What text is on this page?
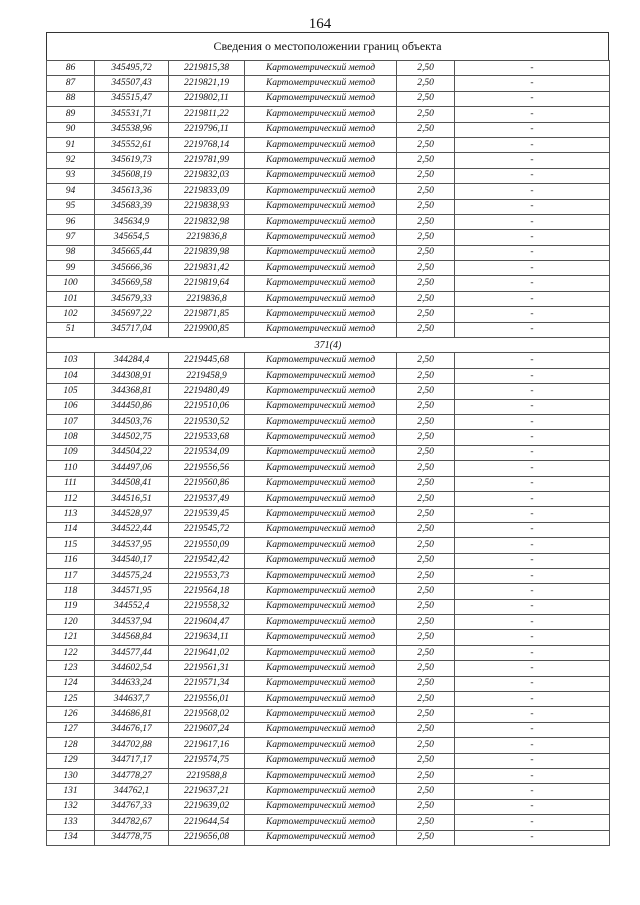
164
Сведения о местоположении границ объекта
86	345495,72	2219815,38	Картометрический метод	2,50	-
87	345507,43	2219821,19	Картометрический метод	2,50	-
88	345515,47	2219802,11	Картометрический метод	2,50	-
89	345531,71	2219811,22	Картометрический метод	2,50	-
90	345538,96	2219796,11	Картометрический метод	2,50	-
91	345552,61	2219768,14	Картометрический метод	2,50	-
92	345619,73	2219781,99	Картометрический метод	2,50	-
93	345608,19	2219832,03	Картометрический метод	2,50	-
94	345613,36	2219833,09	Картометрический метод	2,50	-
95	345683,39	2219838,93	Картометрический метод	2,50	-
96	345634,9	2219832,98	Картометрический метод	2,50	-
97	345654,5	2219836,8	Картометрический метод	2,50	-
98	345665,44	2219839,98	Картометрический метод	2,50	-
99	345666,36	2219831,42	Картометрический метод	2,50	-
100	345669,58	2219819,64	Картометрический метод	2,50	-
101	345679,33	2219836,8	Картометрический метод	2,50	-
102	345697,22	2219871,85	Картометрический метод	2,50	-
51	345717,04	2219900,85	Картометрический метод	2,50	-
371(4)					
103	344284,4	2219445,68	Картометрический метод	2,50	-
104	344308,91	2219458,9	Картометрический метод	2,50	-
105	344368,81	2219480,49	Картометрический метод	2,50	-
106	344450,86	2219510,06	Картометрический метод	2,50	-
107	344503,76	2219530,52	Картометрический метод	2,50	-
108	344502,75	2219533,68	Картометрический метод	2,50	-
109	344504,22	2219534,09	Картометрический метод	2,50	-
110	344497,06	2219556,56	Картометрический метод	2,50	-
111	344508,41	2219560,86	Картометрический метод	2,50	-
112	344516,51	2219537,49	Картометрический метод	2,50	-
113	344528,97	2219539,45	Картометрический метод	2,50	-
114	344522,44	2219545,72	Картометрический метод	2,50	-
115	344537,95	2219550,09	Картометрический метод	2,50	-
116	344540,17	2219542,42	Картометрический метод	2,50	-
117	344575,24	2219553,73	Картометрический метод	2,50	-
118	344571,95	2219564,18	Картометрический метод	2,50	-
119	344552,4	2219558,32	Картометрический метод	2,50	-
120	344537,94	2219604,47	Картометрический метод	2,50	-
121	344568,84	2219634,11	Картометрический метод	2,50	-
122	344577,44	2219641,02	Картометрический метод	2,50	-
123	344602,54	2219561,31	Картометрический метод	2,50	-
124	344633,24	2219571,34	Картометрический метод	2,50	-
125	344637,7	2219556,01	Картометрический метод	2,50	-
126	344686,81	2219568,02	Картометрический метод	2,50	-
127	344676,17	2219607,24	Картометрический метод	2,50	-
128	344702,88	2219617,16	Картометрический метод	2,50	-
129	344717,17	2219574,75	Картометрический метод	2,50	-
130	344778,27	2219588,8	Картометрический метод	2,50	-
131	344762,1	2219637,21	Картометрический метод	2,50	-
132	344767,33	2219639,02	Картометрический метод	2,50	-
133	344782,67	2219644,54	Картометрический метод	2,50	-
134	344778,75	2219656,08	Картометрический метод	2,50	-
